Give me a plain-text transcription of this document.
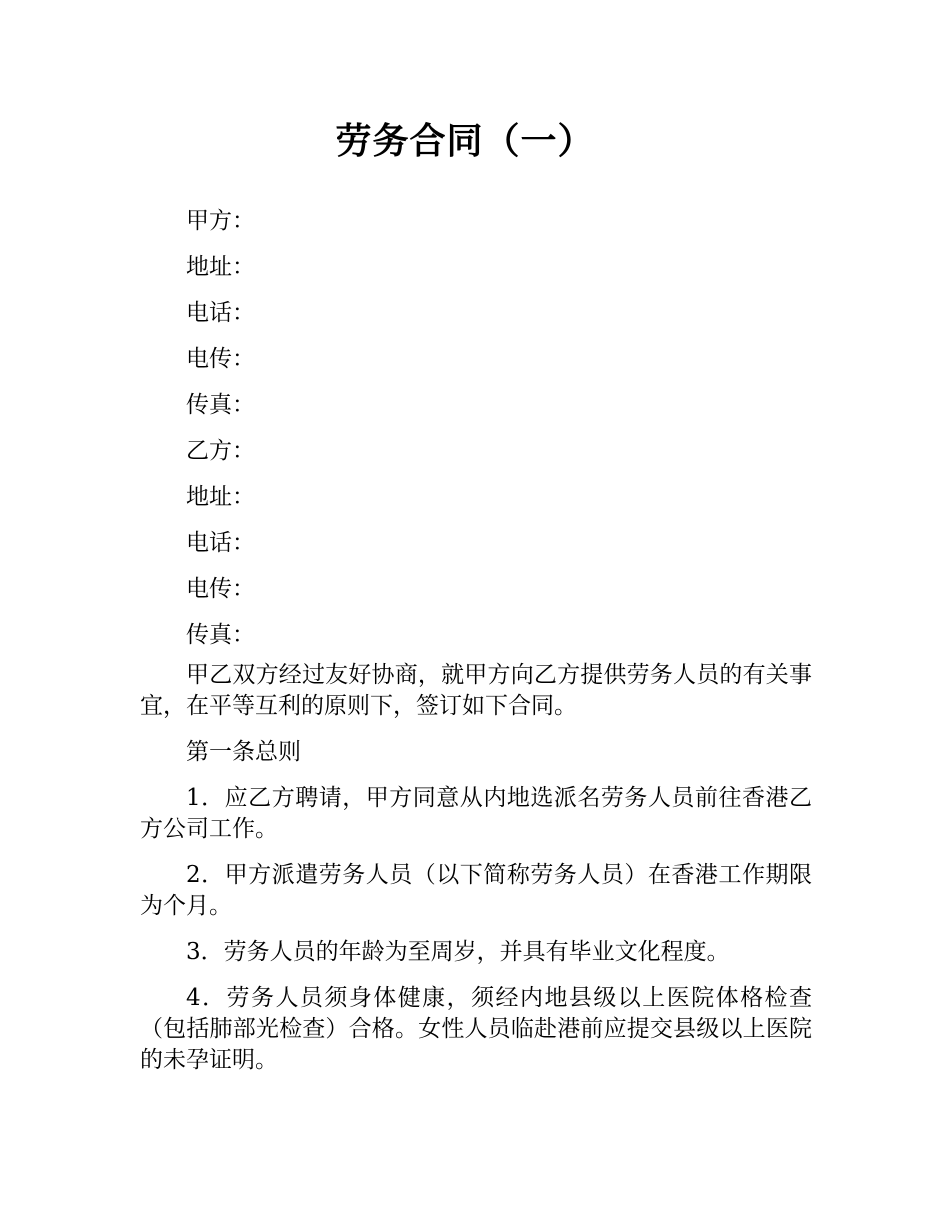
劳务合同（一）

甲方：

地址：

电话：

电传：

传真：

乙方：

地址：

电话：

电传：

传真：

甲乙双方经过友好协商，就甲方向乙方提供劳务人员的有关事宜，在平等互利的原则下，签订如下合同。

第一条总则

1．应乙方聘请，甲方同意从内地选派名劳务人员前往香港乙方公司工作。

2．甲方派遣劳务人员（以下简称劳务人员）在香港工作期限为个月。

3．劳务人员的年龄为至周岁，并具有毕业文化程度。

4．劳务人员须身体健康，须经内地县级以上医院体格检查（包括肺部光检查）合格。女性人员临赴港前应提交县级以上医院的未孕证明。
